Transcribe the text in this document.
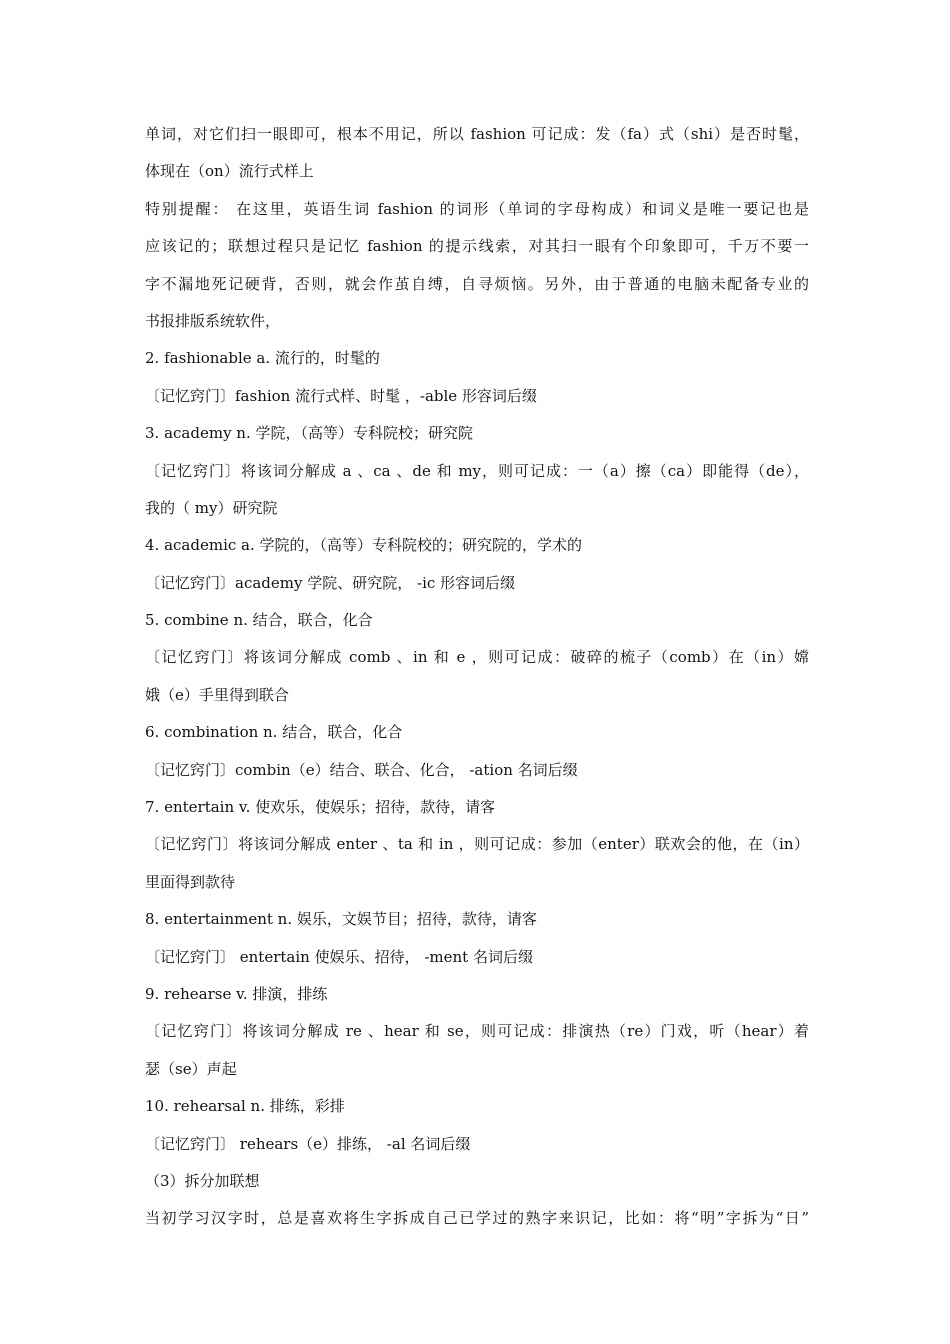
单词，对它们扫一眼即可，根本不用记，所以 fashion 可记成：发（fa）式（shi）是否时髦，
体现在（on）流行式样上
特别提醒： 在这里，英语生词 fashion 的词形（单词的字母构成）和词义是唯一要记也是
应该记的；联想过程只是记忆 fashion 的提示线索，对其扫一眼有个印象即可，千万不要一
字不漏地死记硬背，否则，就会作茧自缚，自寻烦恼。另外，由于普通的电脑未配备专业的
书报排版系统软件，
2. fashionable a. 流行的，时髦的
〔记忆窍门〕fashion 流行式样、时髦 ，-able 形容词后缀
3. academy n. 学院，（高等）专科院校；研究院
〔记忆窍门〕将该词分解成 a 、ca 、de 和 my，则可记成：一（a）擦（ca）即能得（de），
我的（ my）研究院
4. academic a. 学院的，（高等）专科院校的；研究院的，学术的
〔记忆窍门〕academy 学院、研究院， -ic 形容词后缀
5. combine n. 结合，联合，化合
〔记忆窍门〕将该词分解成 comb 、in 和 e ，则可记成：破碎的梳子（comb）在（in）嫦
娥（e）手里得到联合
6. combination n. 结合，联合，化合
〔记忆窍门〕combin（e）结合、联合、化合， -ation 名词后缀
7. entertain v. 使欢乐，使娱乐；招待，款待，请客
〔记忆窍门〕将该词分解成 enter 、ta 和 in ，则可记成：参加（enter）联欢会的他，在（in）
里面得到款待
8. entertainment n. 娱乐，文娱节目；招待，款待，请客
〔记忆窍门〕 entertain 使娱乐、招待， -ment 名词后缀
9. rehearse v. 排演，排练
〔记忆窍门〕将该词分解成 re 、hear 和 se，则可记成：排演热（re）门戏，听（hear）着
瑟（se）声起
10. rehearsal n. 排练，彩排
〔记忆窍门〕 rehears（e）排练， -al 名词后缀
（3）拆分加联想
当初学习汉字时，总是喜欢将生字拆成自己已学过的熟字来识记，比如：将“明”字拆为“日”
